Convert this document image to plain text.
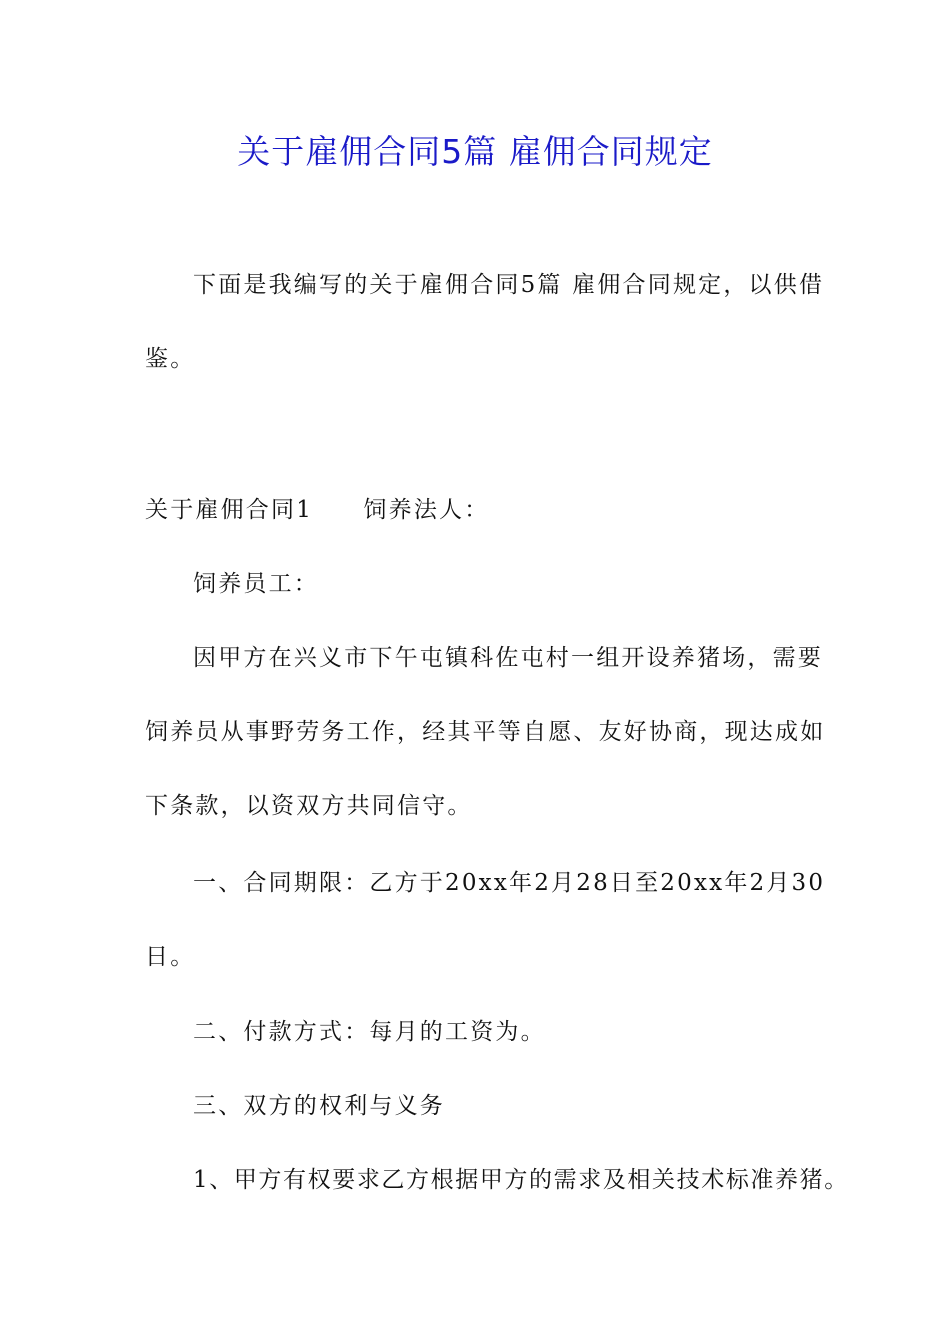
关于雇佣合同5篇 雇佣合同规定
下面是我编写的关于雇佣合同5篇 雇佣合同规定，以供借
鉴。
关于雇佣合同1　　饲养法人：
饲养员工：
因甲方在兴义市下午屯镇科佐屯村一组开设养猪场，需要
饲养员从事野劳务工作，经其平等自愿、友好协商，现达成如
下条款，以资双方共同信守。
一、合同期限：乙方于20xx年2月28日至20xx年2月30
日。
二、付款方式：每月的工资为。
三、双方的权利与义务
1、甲方有权要求乙方根据甲方的需求及相关技术标准养猪。
